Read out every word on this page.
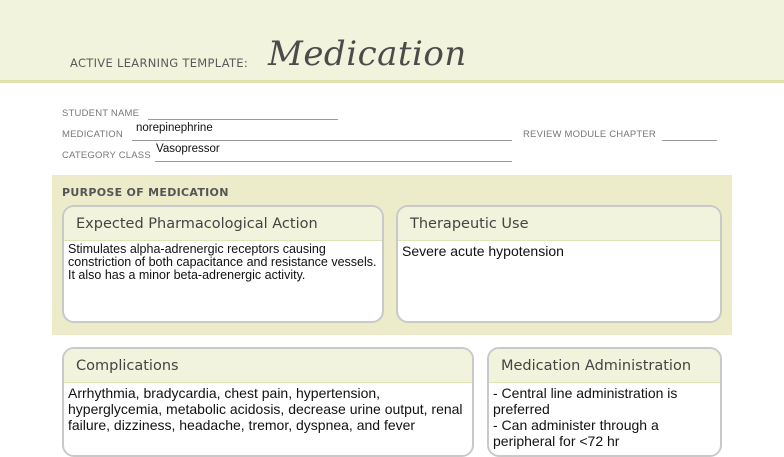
ACTIVE LEARNING TEMPLATE: Medication
STUDENT NAME
MEDICATION
norepinephrine
REVIEW MODULE CHAPTER
CATEGORY CLASS
Vasopressor
PURPOSE OF MEDICATION
Expected Pharmacological Action

Stimulates alpha-adrenergic receptors causing constriction of both capacitance and resistance vessels. It also has a minor beta-adrenergic activity.

Therapeutic Use

Severe acute hypotension

Complications

Arrhythmia, bradycardia, chest pain, hypertension, hyperglycemia, metabolic acidosis, decrease urine output, renal failure, dizziness, headache, tremor, dyspnea, and fever

Medication Administration

- Central line administration is preferred

- Can administer through a peripheral for <72 hr
